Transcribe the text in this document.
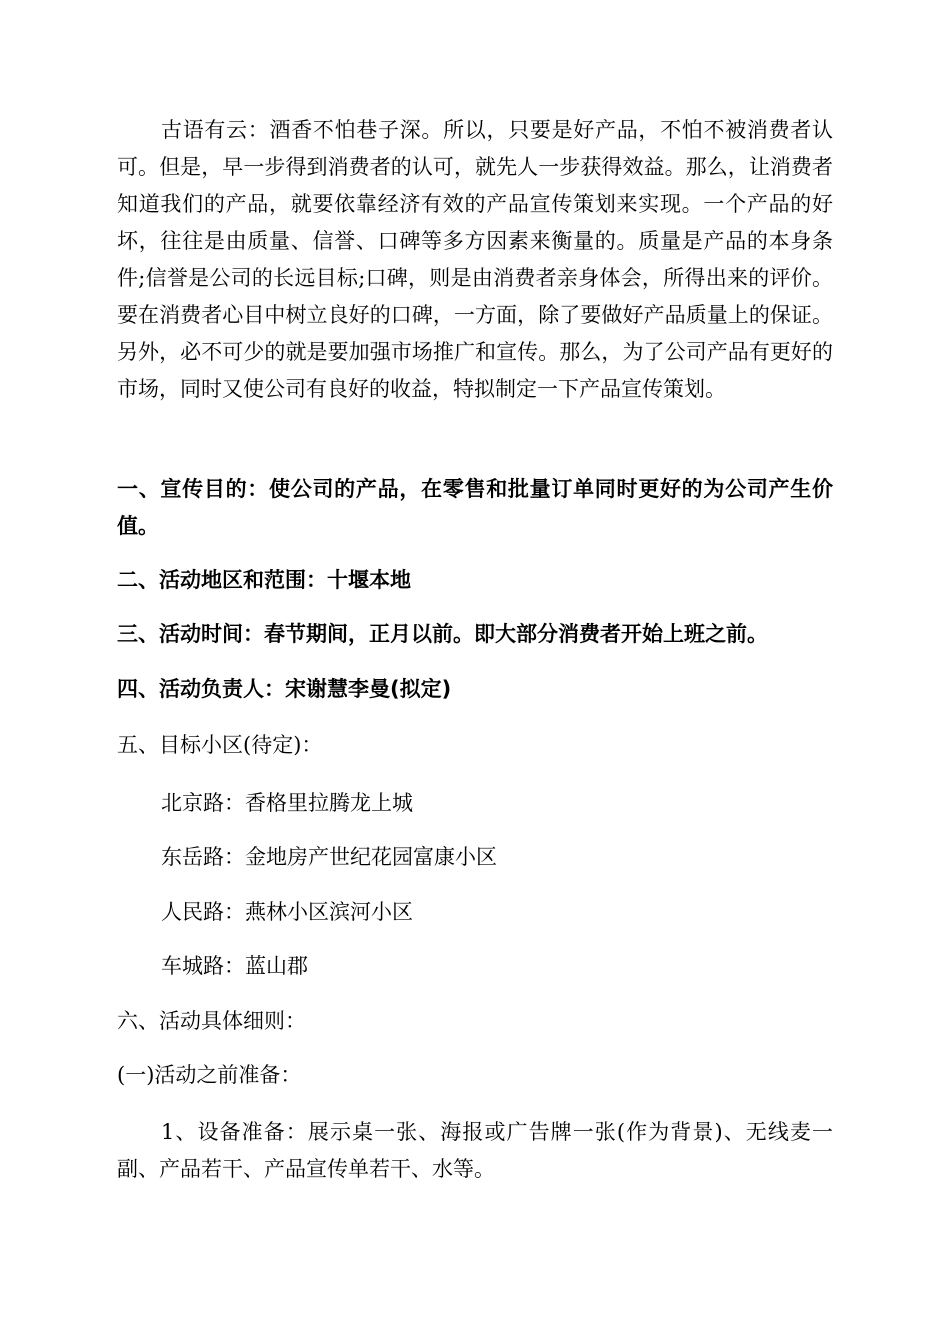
古语有云：酒香不怕巷子深。所以，只要是好产品，不怕不被消费者认可。但是，早一步得到消费者的认可，就先人一步获得效益。那么，让消费者知道我们的产品，就要依靠经济有效的产品宣传策划来实现。一个产品的好坏，往往是由质量、信誉、口碑等多方因素来衡量的。质量是产品的本身条件;信誉是公司的长远目标;口碑，则是由消费者亲身体会，所得出来的评价。要在消费者心目中树立良好的口碑，一方面，除了要做好产品质量上的保证。另外，必不可少的就是要加强市场推广和宣传。那么，为了公司产品有更好的市场，同时又使公司有良好的收益，特拟制定一下产品宣传策划。

一、宣传目的：使公司的产品，在零售和批量订单同时更好的为公司产生价值。

二、活动地区和范围：十堰本地

三、活动时间：春节期间，正月以前。即大部分消费者开始上班之前。

四、活动负责人：宋谢慧李曼(拟定)

五、目标小区(待定)：

北京路：香格里拉腾龙上城

东岳路：金地房产世纪花园富康小区

人民路：燕林小区滨河小区

车城路：蓝山郡

六、活动具体细则：

(一)活动之前准备：

1、设备准备：展示桌一张、海报或广告牌一张(作为背景)、无线麦一副、产品若干、产品宣传单若干、水等。
